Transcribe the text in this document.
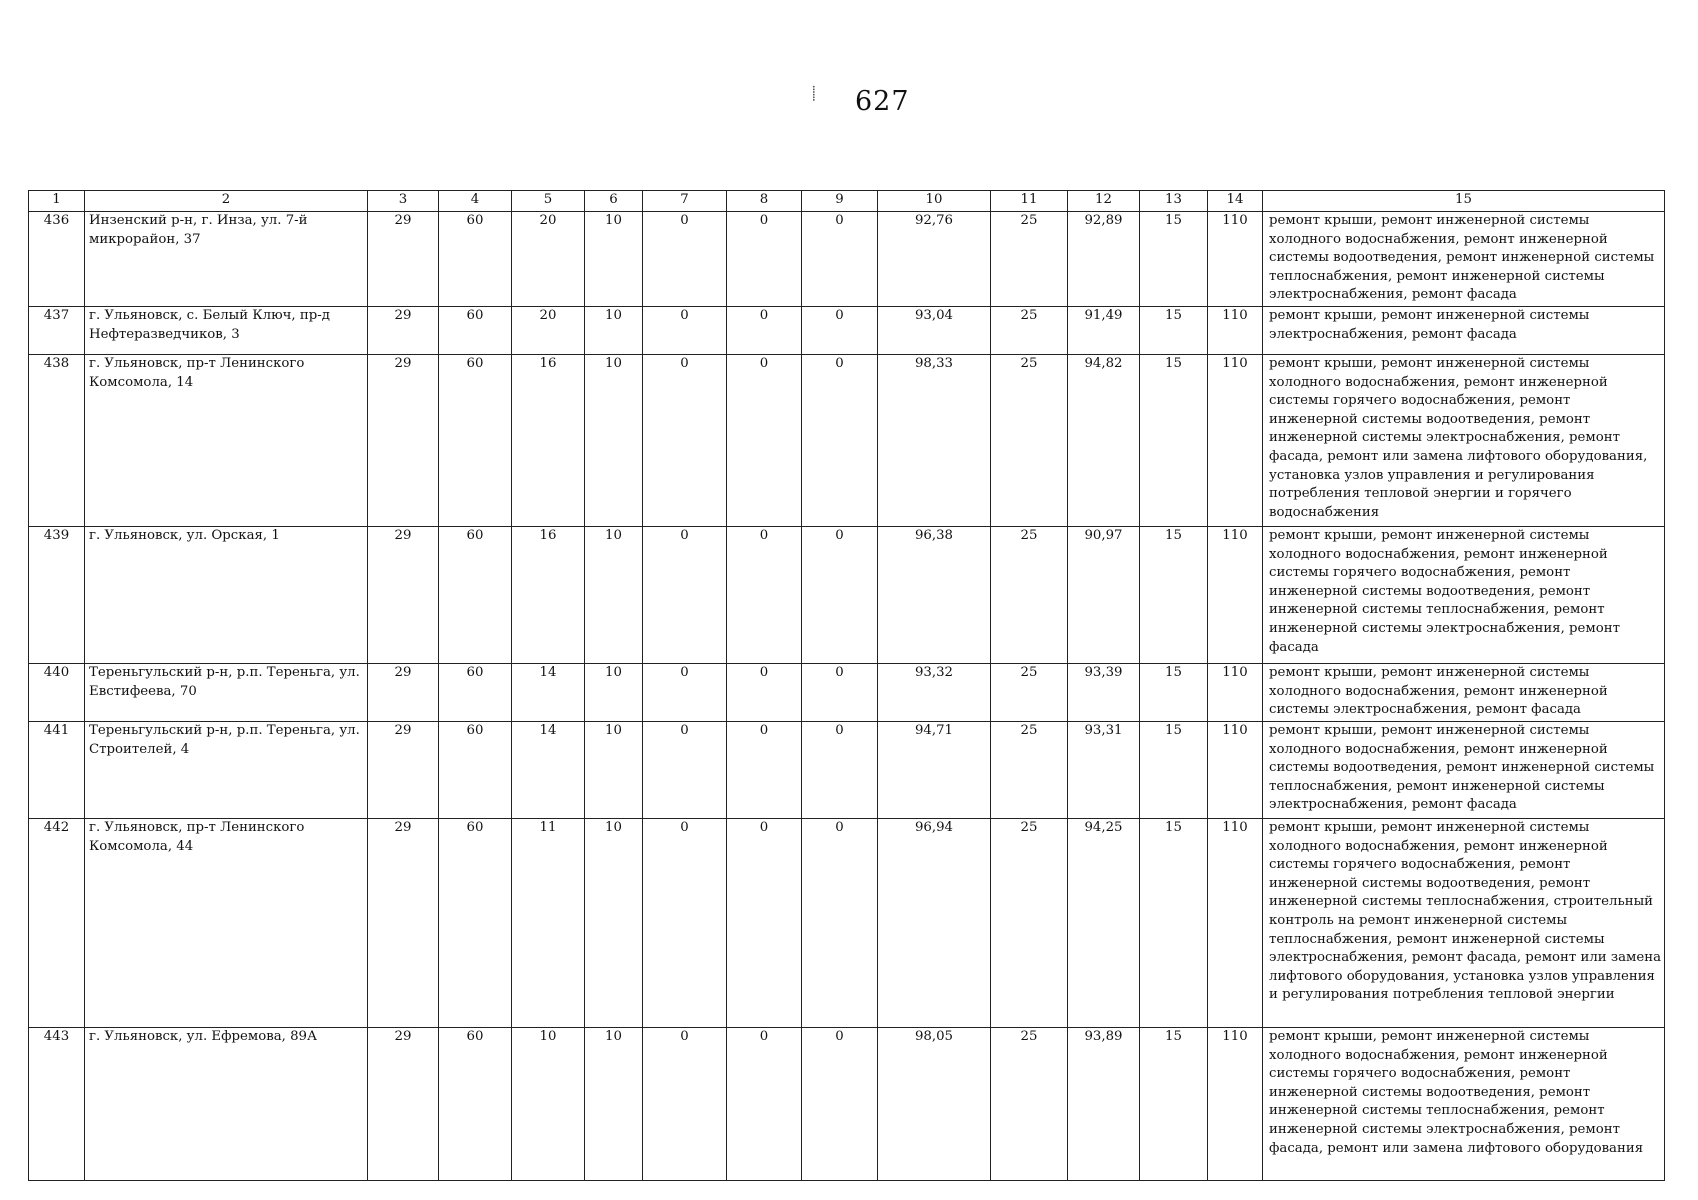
⸽ 627
1	2	3	4	5	6	7	8	9	10	11	12	13	14	15
436	Инзенский р-н, г. Инза, ул. 7-й микрорайон, 37	29	60	20	10	0	0	0	92,76	25	92,89	15	110	ремонт крыши, ремонт инженерной системы холодного водоснабжения, ремонт инженерной системы водоотведения, ремонт инженерной системы теплоснабжения, ремонт инженерной системы электроснабжения, ремонт фасада
437	г. Ульяновск, с. Белый Ключ, пр-д Нефтеразведчиков, 3	29	60	20	10	0	0	0	93,04	25	91,49	15	110	ремонт крыши, ремонт инженерной системы электроснабжения, ремонт фасада
438	г. Ульяновск, пр-т Ленинского Комсомола, 14	29	60	16	10	0	0	0	98,33	25	94,82	15	110	ремонт крыши, ремонт инженерной системы холодного водоснабжения, ремонт инженерной системы горячего водоснабжения, ремонт инженерной системы водоотведения, ремонт инженерной системы электроснабжения, ремонт фасада, ремонт или замена лифтового оборудования, установка узлов управления и регулирования потребления тепловой энергии и горячего водоснабжения
439	г. Ульяновск, ул. Орская, 1	29	60	16	10	0	0	0	96,38	25	90,97	15	110	ремонт крыши, ремонт инженерной системы холодного водоснабжения, ремонт инженерной системы горячего водоснабжения, ремонт инженерной системы водоотведения, ремонт инженерной системы теплоснабжения, ремонт инженерной системы электроснабжения, ремонт фасада
440	Тереньгульский р-н, р.п. Тереньга, ул. Евстифеева, 70	29	60	14	10	0	0	0	93,32	25	93,39	15	110	ремонт крыши, ремонт инженерной системы холодного водоснабжения, ремонт инженерной системы электроснабжения, ремонт фасада
441	Тереньгульский р-н, р.п. Тереньга, ул. Строителей, 4	29	60	14	10	0	0	0	94,71	25	93,31	15	110	ремонт крыши, ремонт инженерной системы холодного водоснабжения, ремонт инженерной системы водоотведения, ремонт инженерной системы теплоснабжения, ремонт инженерной системы электроснабжения, ремонт фасада
442	г. Ульяновск, пр-т Ленинского Комсомола, 44	29	60	11	10	0	0	0	96,94	25	94,25	15	110	ремонт крыши, ремонт инженерной системы холодного водоснабжения, ремонт инженерной системы горячего водоснабжения, ремонт инженерной системы водоотведения, ремонт инженерной системы теплоснабжения, строительный контроль на ремонт инженерной системы теплоснабжения, ремонт инженерной системы электроснабжения, ремонт фасада, ремонт или замена лифтового оборудования, установка узлов управления и регулирования потребления тепловой энергии
443	г. Ульяновск, ул. Ефремова, 89А	29	60	10	10	0	0	0	98,05	25	93,89	15	110	ремонт крыши, ремонт инженерной системы холодного водоснабжения, ремонт инженерной системы горячего водоснабжения, ремонт инженерной системы водоотведения, ремонт инженерной системы теплоснабжения, ремонт инженерной системы электроснабжения, ремонт фасада, ремонт или замена лифтового оборудования
